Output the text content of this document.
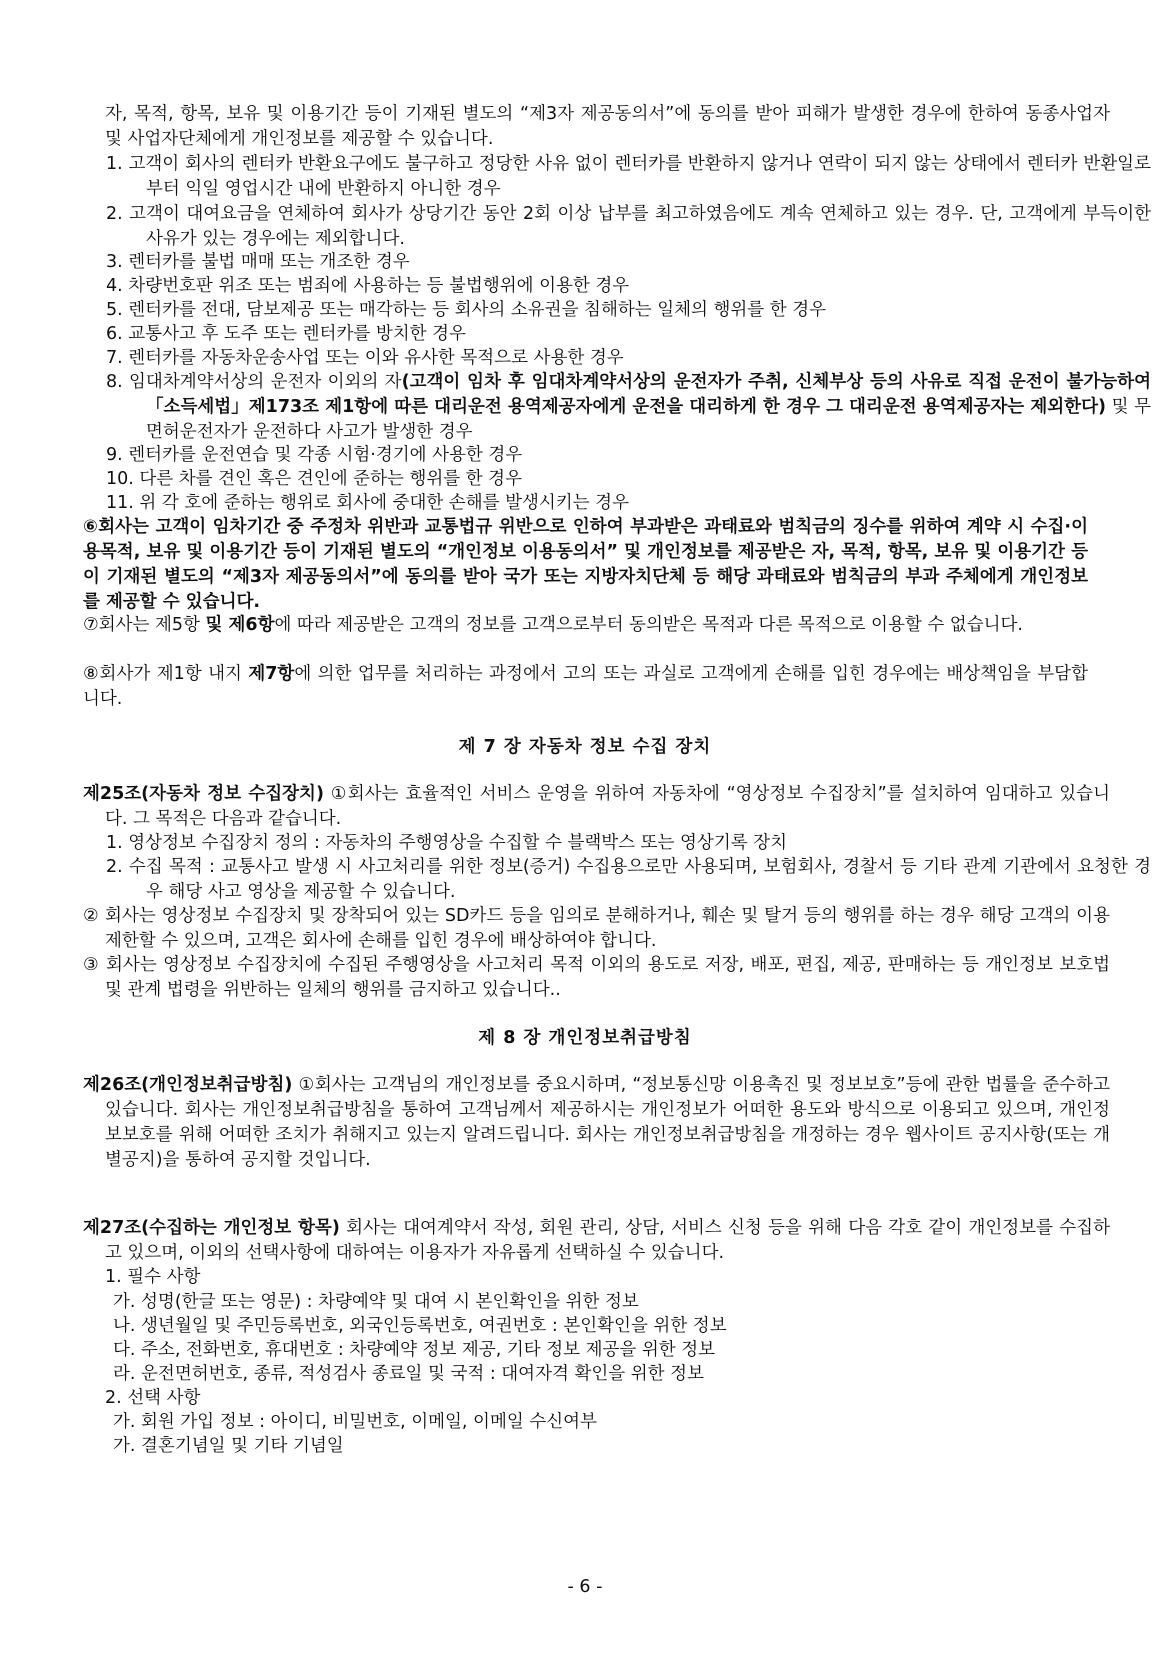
자, 목적, 항목, 보유 및 이용기간 등이 기재된 별도의 “제3자 제공동의서”에 동의를 받아 피해가 발생한 경우에 한하여 동종사업자 및 사업자단체에게 개인정보를 제공할 수 있습니다.

1. 고객이 회사의 렌터카 반환요구에도 불구하고 정당한 사유 없이 렌터카를 반환하지 않거나 연락이 되지 않는 상태에서 렌터카 반환일로부터 익일 영업시간 내에 반환하지 아니한 경우

2. 고객이 대여요금을 연체하여 회사가 상당기간 동안 2회 이상 납부를 최고하였음에도 계속 연체하고 있는 경우. 단, 고객에게 부득이한 사유가 있는 경우에는 제외합니다.

3. 렌터카를 불법 매매 또는 개조한 경우

4. 차량번호판 위조 또는 범죄에 사용하는 등 불법행위에 이용한 경우

5. 렌터카를 전대, 담보제공 또는 매각하는 등 회사의 소유권을 침해하는 일체의 행위를 한 경우

6. 교통사고 후 도주 또는 렌터카를 방치한 경우

7. 렌터카를 자동차운송사업 또는 이와 유사한 목적으로 사용한 경우

8. 임대차계약서상의 운전자 이외의 자(고객이 임차 후 임대차계약서상의 운전자가 주취, 신체부상 등의 사유로 직접 운전이 불가능하여「소득세법」제173조 제1항에 따른 대리운전 용역제공자에게 운전을 대리하게 한 경우 그 대리운전 용역제공자는 제외한다) 및 무면허운전자가 운전하다 사고가 발생한 경우

9. 렌터카를 운전연습 및 각종 시험·경기에 사용한 경우

10. 다른 차를 견인 혹은 견인에 준하는 행위를 한 경우

11. 위 각 호에 준하는 행위로 회사에 중대한 손해를 발생시키는 경우

⑥회사는 고객이 임차기간 중 주정차 위반과 교통법규 위반으로 인하여 부과받은 과태료와 범칙금의 징수를 위하여 계약 시 수집·이용목적, 보유 및 이용기간 등이 기재된 별도의 “개인정보 이용동의서” 및 개인정보를 제공받은 자, 목적, 항목, 보유 및 이용기간 등이 기재된 별도의 “제3자 제공동의서”에 동의를 받아 국가 또는 지방자치단체 등 해당 과태료와 범칙금의 부과 주체에게 개인정보를 제공할 수 있습니다.

⑦회사는 제5항 및 제6항에 따라 제공받은 고객의 정보를 고객으로부터 동의받은 목적과 다른 목적으로 이용할 수 없습니다.

⑧회사가 제1항 내지 제7항에 의한 업무를 처리하는 과정에서 고의 또는 과실로 고객에게 손해를 입힌 경우에는 배상책임을 부담합니다.

제 7 장 자동차 정보 수집 장치

제25조(자동차 정보 수집장치) ①회사는 효율적인 서비스 운영을 위하여 자동차에 “영상정보 수집장치”를 설치하여 임대하고 있습니다. 그 목적은 다음과 같습니다.

1. 영상정보 수집장치 정의 : 자동차의 주행영상을 수집할 수 블랙박스 또는 영상기록 장치

2. 수집 목적 : 교통사고 발생 시 사고처리를 위한 정보(증거) 수집용으로만 사용되며, 보험회사, 경찰서 등 기타 관계 기관에서 요청한 경우 해당 사고 영상을 제공할 수 있습니다.

② 회사는 영상정보 수집장치 및 장착되어 있는 SD카드 등을 임의로 분해하거나, 훼손 및 탈거 등의 행위를 하는 경우 해당 고객의 이용 제한할 수 있으며, 고객은 회사에 손해를 입힌 경우에 배상하여야 합니다.

③ 회사는 영상정보 수집장치에 수집된 주행영상을 사고처리 목적 이외의 용도로 저장, 배포, 편집, 제공, 판매하는 등 개인정보 보호법 및 관계 법령을 위반하는 일체의 행위를 금지하고 있습니다..

제 8 장 개인정보취급방침

제26조(개인정보취급방침) ①회사는 고객님의 개인정보를 중요시하며, “정보통신망 이용촉진 및 정보보호”등에 관한 법률을 준수하고 있습니다. 회사는 개인정보취급방침을 통하여 고객님께서 제공하시는 개인정보가 어떠한 용도와 방식으로 이용되고 있으며, 개인정보보호를 위해 어떠한 조치가 취해지고 있는지 알려드립니다. 회사는 개인정보취급방침을 개정하는 경우 웹사이트 공지사항(또는 개별공지)을 통하여 공지할 것입니다.

제27조(수집하는 개인정보 항목) 회사는 대여계약서 작성, 회원 관리, 상담, 서비스 신청 등을 위해 다음 각호 같이 개인정보를 수집하고 있으며, 이외의 선택사항에 대하여는 이용자가 자유롭게 선택하실 수 있습니다.

1. 필수 사항

가. 성명(한글 또는 영문) : 차량예약 및 대여 시 본인확인을 위한 정보

나. 생년월일 및 주민등록번호, 외국인등록번호, 여권번호 : 본인확인을 위한 정보

다. 주소, 전화번호, 휴대번호 : 차량예약 정보 제공, 기타 정보 제공을 위한 정보

라. 운전면허번호, 종류, 적성검사 종료일 및 국적 : 대여자격 확인을 위한 정보

2. 선택 사항

가. 회원 가입 정보 : 아이디, 비밀번호, 이메일, 이메일 수신여부

가. 결혼기념일 및 기타 기념일

- 6 -
